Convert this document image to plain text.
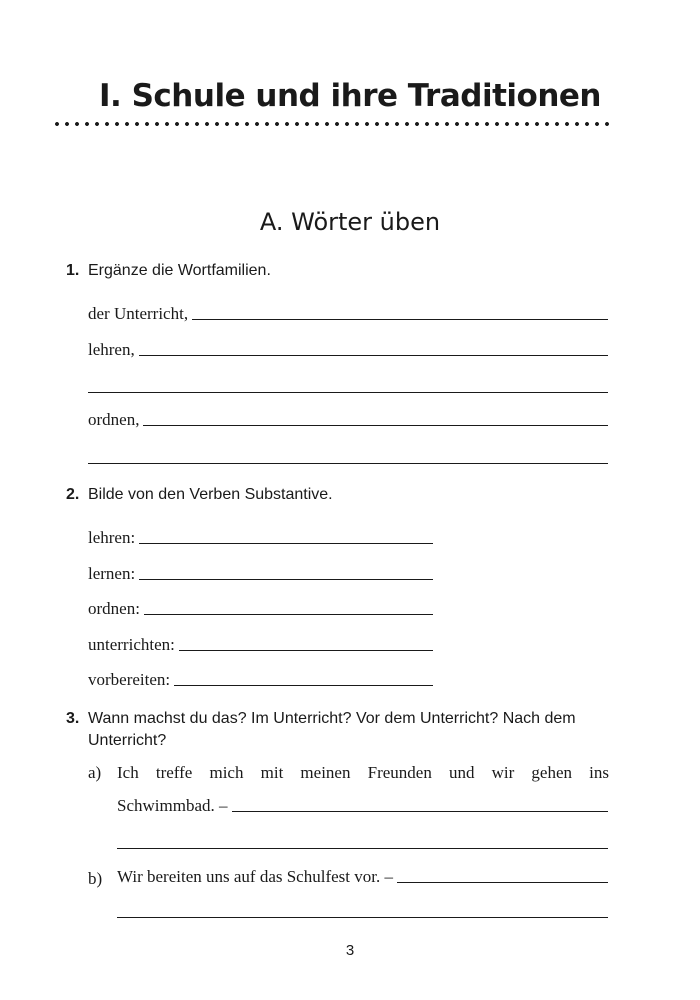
I. Schule und ihre Traditionen
A. Wörter üben
1. Ergänze die Wortfamilien.
der Unterricht,
lehren,
ordnen,
2. Bilde von den Verben Substantive.
lehren:
lernen:
ordnen:
unterrichten:
vorbereiten:
3. Wann machst du das? Im Unterricht? Vor dem Unterricht? Nach dem
Unterricht?
a) Ich treffe mich mit meinen Freunden und wir gehen ins
Schwimmbad. –
b) Wir bereiten uns auf das Schulfest vor. –
3
